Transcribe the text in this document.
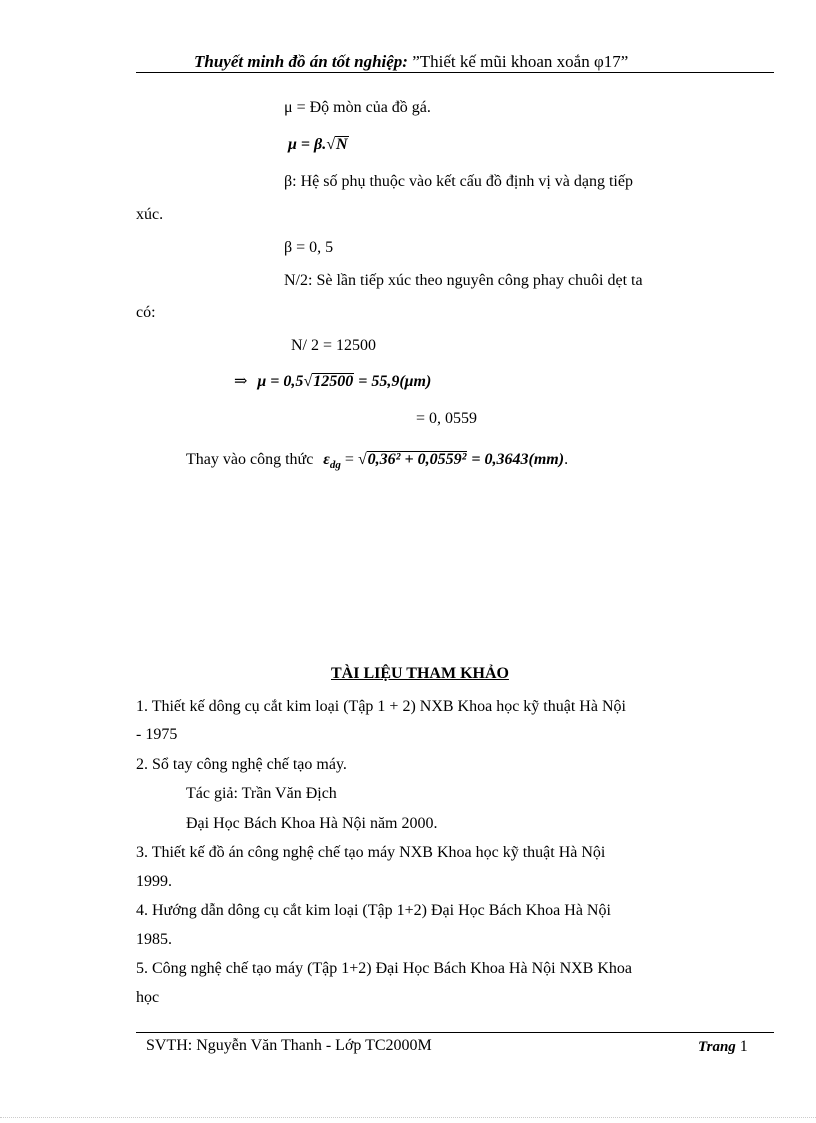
Thuyết minh đồ án tốt nghiệp: ”Thiết kế mũi khoan xoắn φ17”
μ = Độ mòn của đồ gá.
μ = β.√N
β: Hệ số phụ thuộc vào kết cấu đồ định vị và dạng tiếp
xúc.
β = 0, 5
N/2: Sè lần tiếp xúc theo nguyên công phay chuôi dẹt ta
có:
N/ 2 = 12500
⇒ μ = 0,5√12500 = 55,9(μm)
= 0, 0559
Thay vào công thức $\varepsilon_{dg} = √0,36^2 + 0,0559^2 = 0,3643(mm)$.
TÀI LIỆU THAM KHẢO
1. Thiết kế dông cụ cắt kim loại (Tập 1 + 2) NXB Khoa học kỹ thuật Hà Nội
- 1975
2. Sổ tay công nghệ chế tạo máy.
Tác giả: Trần Văn Địch
Đại Học Bách Khoa Hà Nội năm 2000.
3. Thiết kế đồ án công nghệ chế tạo máy NXB Khoa học kỹ thuật Hà Nội
1999.
4. Hướng dẫn dông cụ cắt kim loại (Tập 1+2) Đại Học Bách Khoa Hà Nội
1985.
5. Công nghệ chế tạo máy (Tập 1+2) Đại Học Bách Khoa Hà Nội NXB Khoa
học
SVTH: Nguyễn Văn Thanh - Lớp TC2000M	Trang 1
